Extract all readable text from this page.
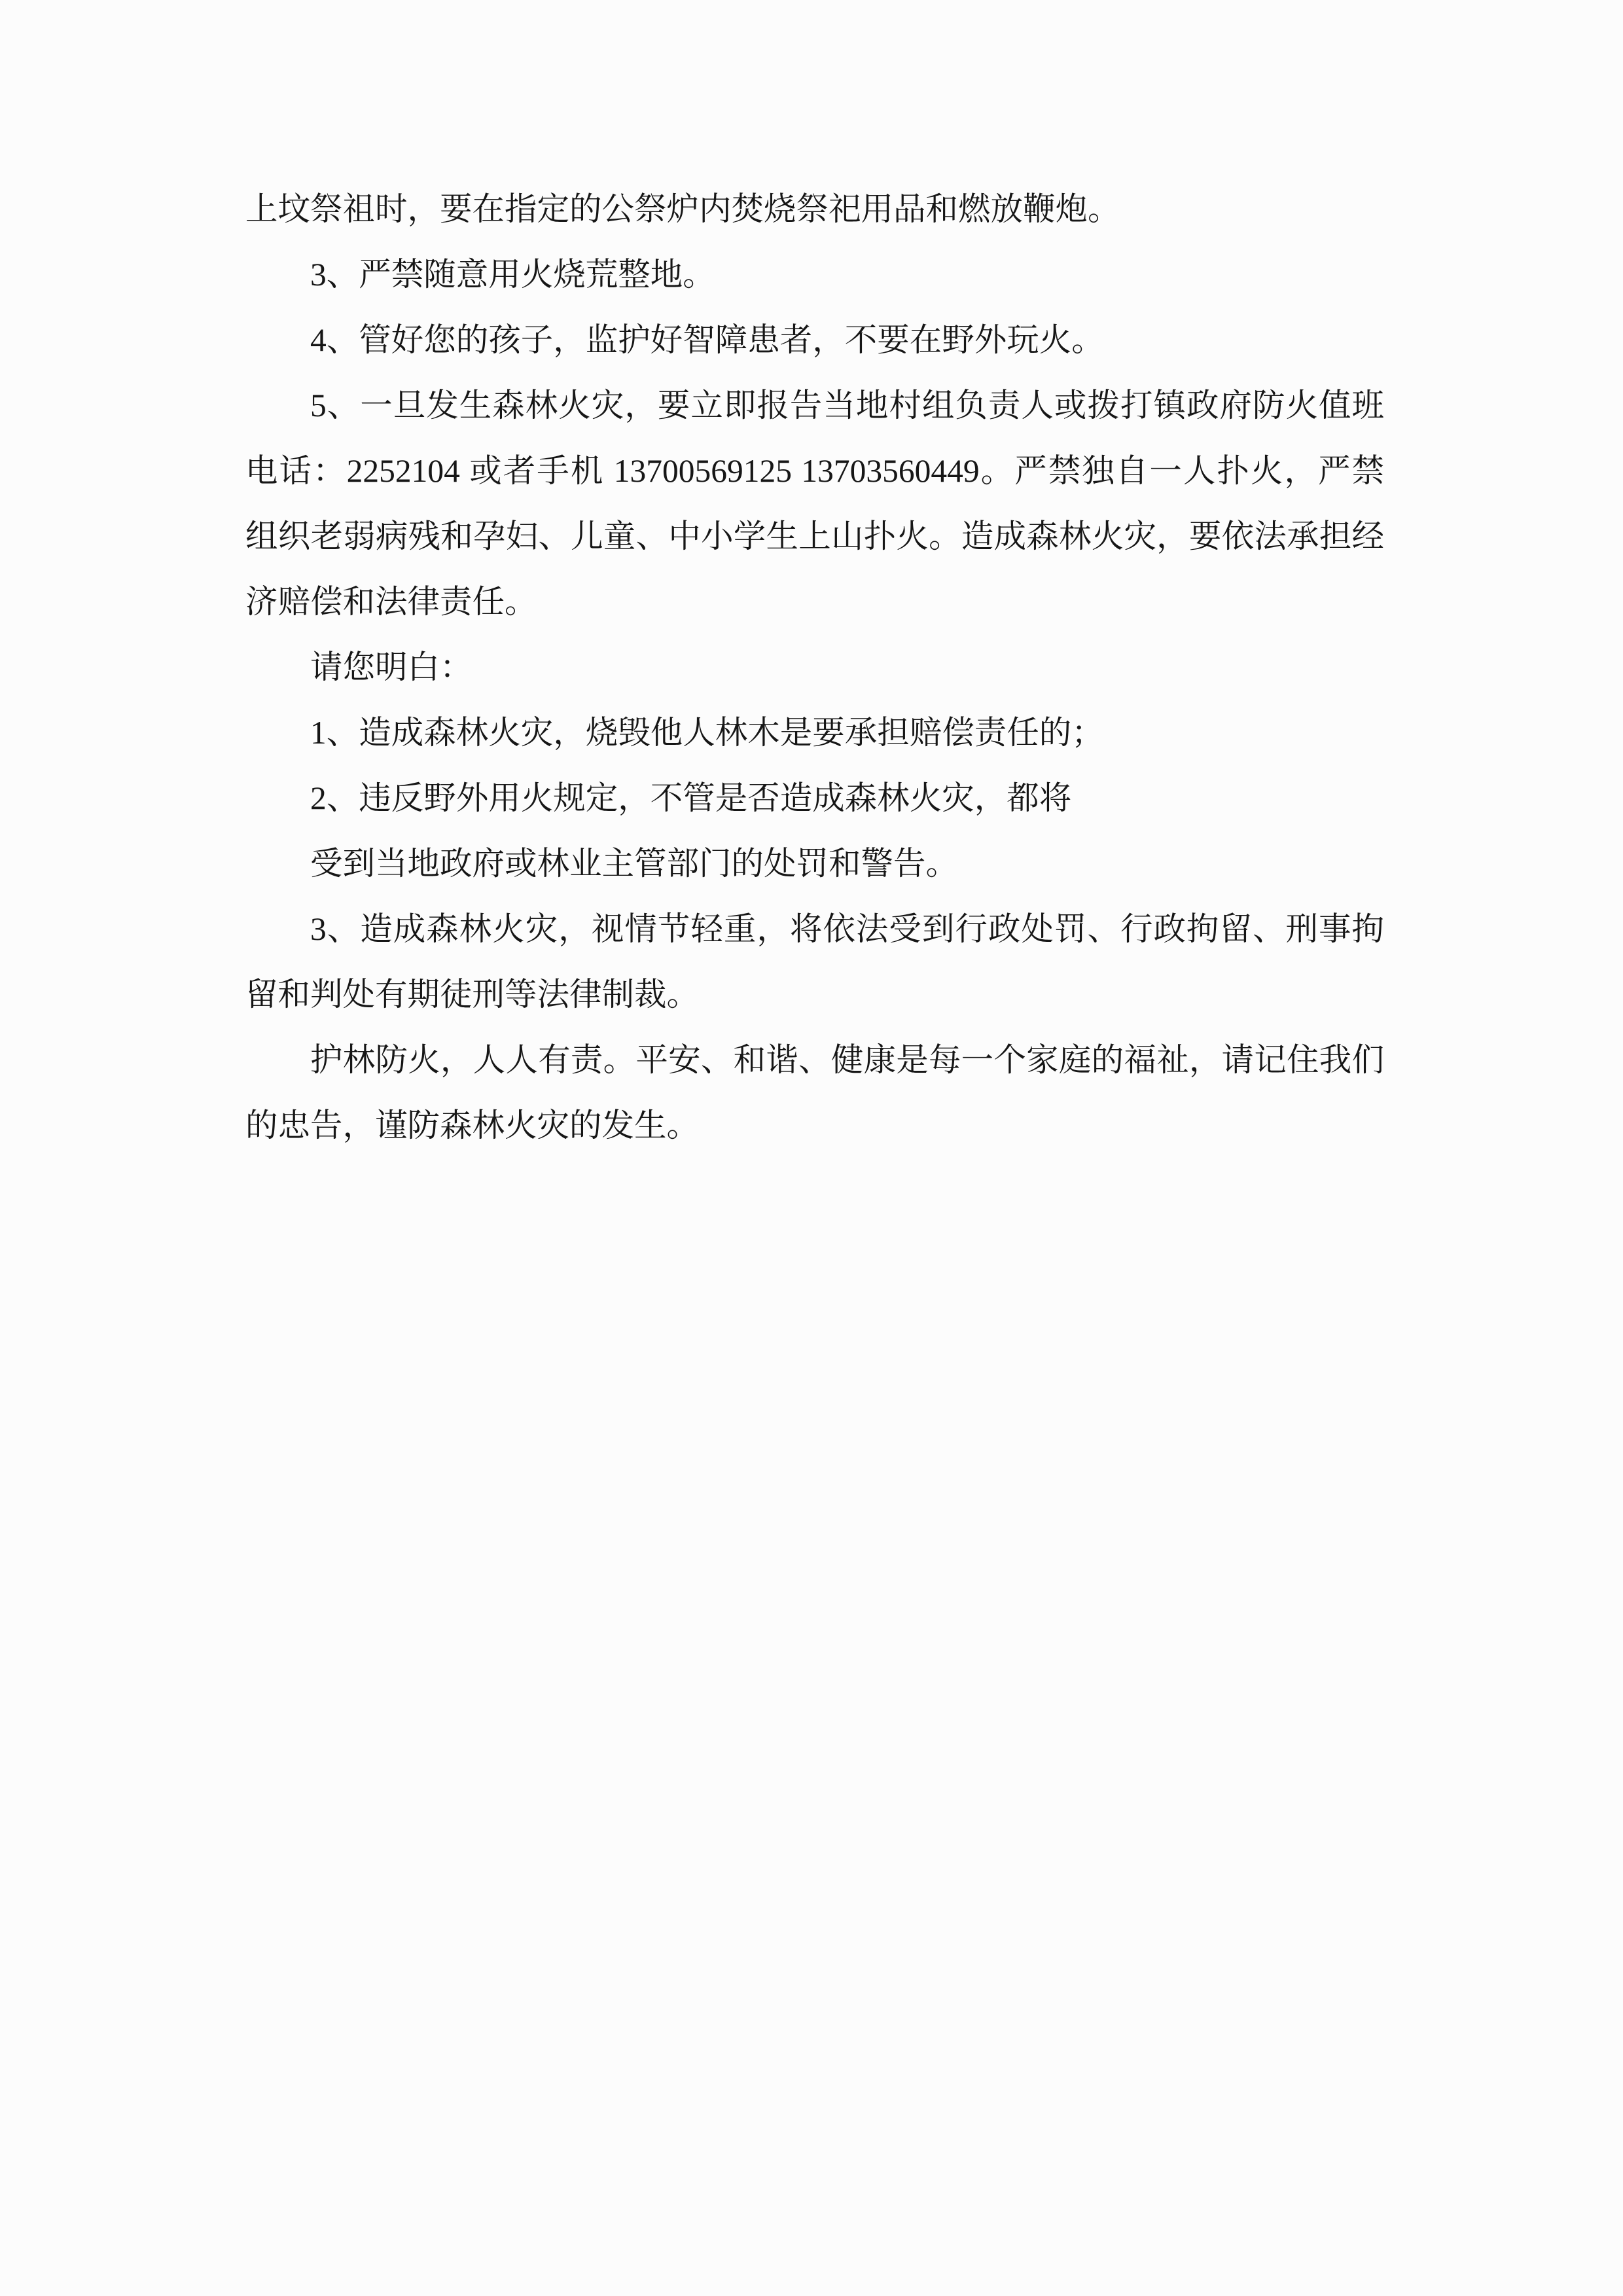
上坟祭祖时，要在指定的公祭炉内焚烧祭祀用品和燃放鞭炮。

3、严禁随意用火烧荒整地。

4、管好您的孩子，监护好智障患者，不要在野外玩火。

5、一旦发生森林火灾，要立即报告当地村组负责人或拨打镇政府防火值班

电话：2252104 或者手机 13700569125 13703560449。严禁独自一人扑火，严禁

组织老弱病残和孕妇、儿童、中小学生上山扑火。造成森林火灾，要依法承担经

济赔偿和法律责任。

请您明白：

1、造成森林火灾，烧毁他人林木是要承担赔偿责任的；

2、违反野外用火规定，不管是否造成森林火灾，都将

受到当地政府或林业主管部门的处罚和警告。

3、造成森林火灾，视情节轻重，将依法受到行政处罚、行政拘留、刑事拘

留和判处有期徒刑等法律制裁。

护林防火，人人有责。平安、和谐、健康是每一个家庭的福祉，请记住我们

的忠告，谨防森林火灾的发生。
